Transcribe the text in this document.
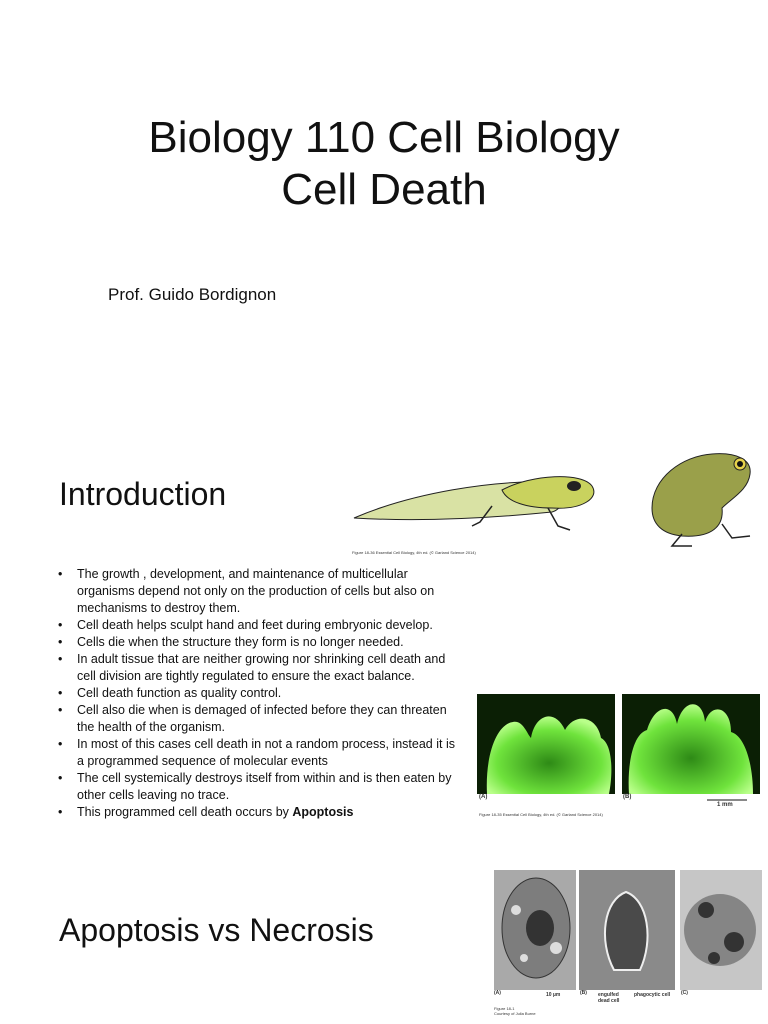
Biology 110 Cell Biology
Cell Death
Prof. Guido Bordignon
Introduction
Figure 18-36 Essential Cell Biology, 4th ed. (© Garland Science 2014)
• The growth , development, and maintenance of multicellular organisms depend not only on the production of cells but also on mechanisms to destroy them.
• Cell death helps sculpt hand and feet during embryonic develop.
• Cells die when the structure they form is no longer needed.
• In adult tissue that are neither growing nor shrinking cell death and cell division are tightly regulated to ensure the exact balance.
• Cell death function as quality control.
• Cell also die when is demaged of infected before they can threaten the health of the organism.
• In most of this cases cell death in not a random process, instead it is a programmed sequence of molecular events
• The cell systemically destroys itself from within and is then eaten by other cells leaving no trace.
• This programmed cell death occurs by Apoptosis
(A)	(B)
1 mm
Figure 18-35 Essential Cell Biology, 4th ed. (© Garland Science 2014)
Apoptosis vs Necrosis
(A)	10 µm	(B) engulfed
dead cell
phagocytic cell (C)
Figure 18-1
Courtesy of Julia Burne
